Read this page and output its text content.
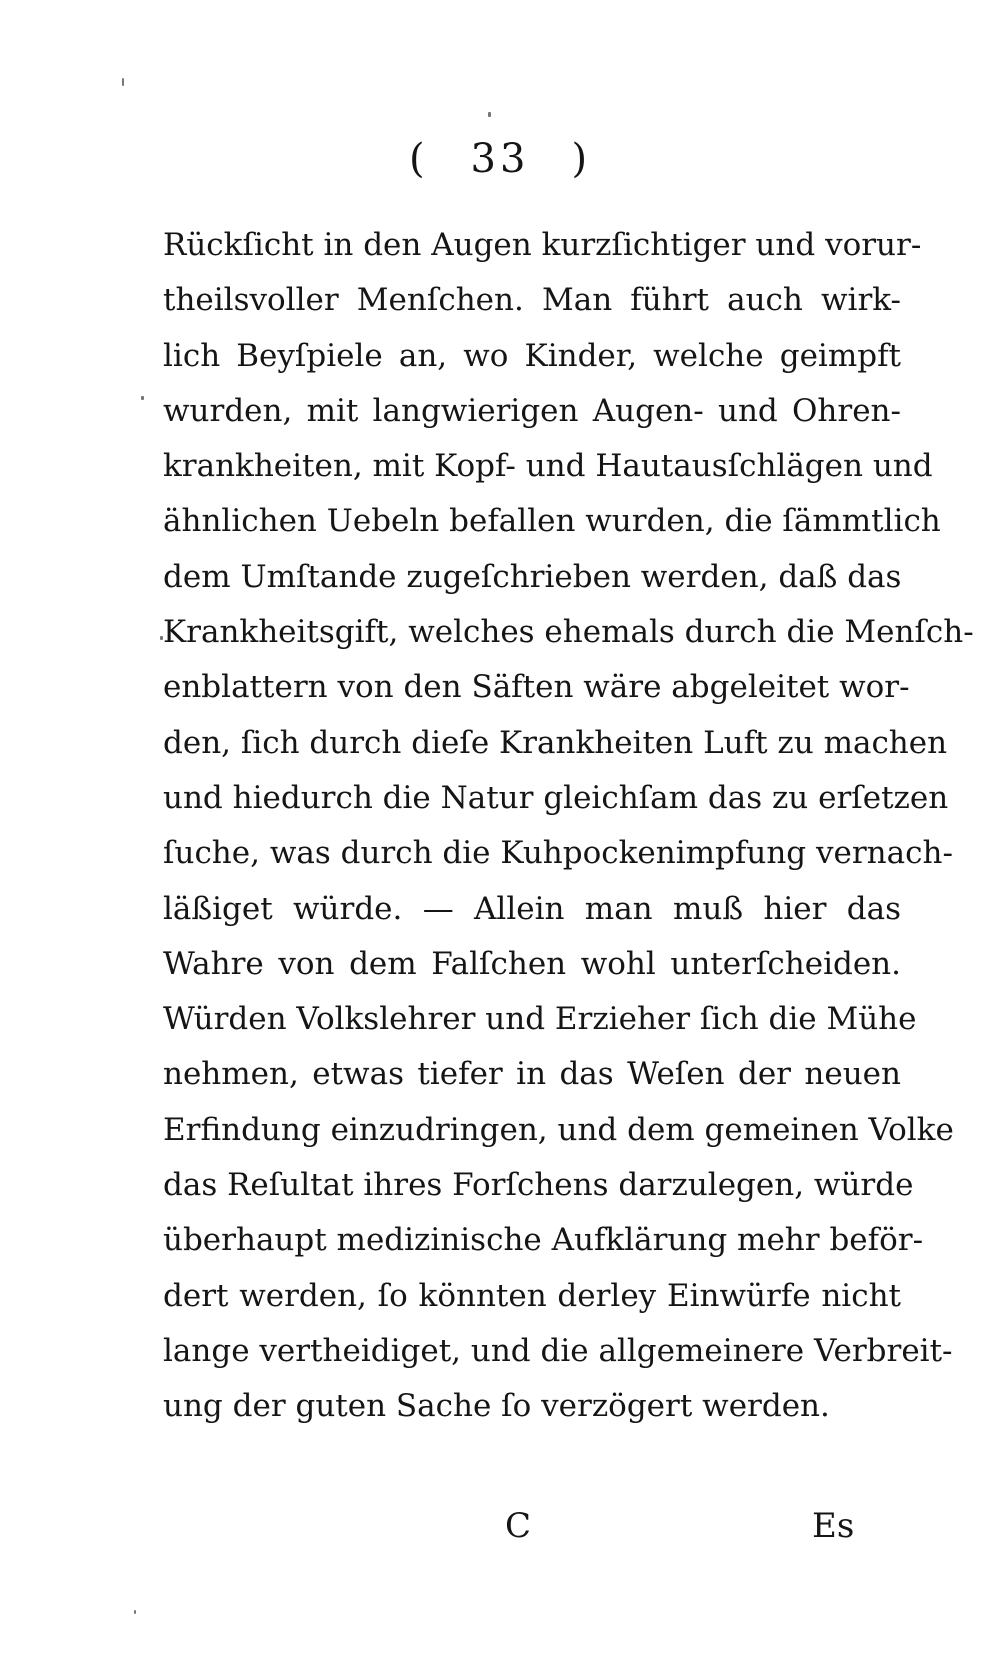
( 33 )
Rückſicht in den Augen kurzſichtiger und vorur-
theilsvoller Menſchen. Man führt auch wirk-
lich Beyſpiele an, wo Kinder, welche geimpft
wurden, mit langwierigen Augen- und Ohren-
krankheiten, mit Kopf- und Hautausſchlägen und
ähnlichen Uebeln befallen wurden, die ſämmtlich
dem Umſtande zugeſchrieben werden, daß das
Krankheitsgift, welches ehemals durch die Menſch-
enblattern von den Säften wäre abgeleitet wor-
den, ſich durch dieſe Krankheiten Luft zu machen
und hiedurch die Natur gleichſam das zu erſetzen
ſuche, was durch die Kuhpockenimpfung vernach-
läßiget würde. — Allein man muß hier das
Wahre von dem Falſchen wohl unterſcheiden.
Würden Volkslehrer und Erzieher ſich die Mühe
nehmen, etwas tiefer in das Weſen der neuen
Erfindung einzudringen, und dem gemeinen Volke
das Reſultat ihres Forſchens darzulegen, würde
überhaupt medizinische Aufklärung mehr beför-
dert werden, ſo könnten derley Einwürfe nicht
lange vertheidiget, und die allgemeinere Verbreit-
ung der guten Sache ſo verzögert werden.
C	Es
